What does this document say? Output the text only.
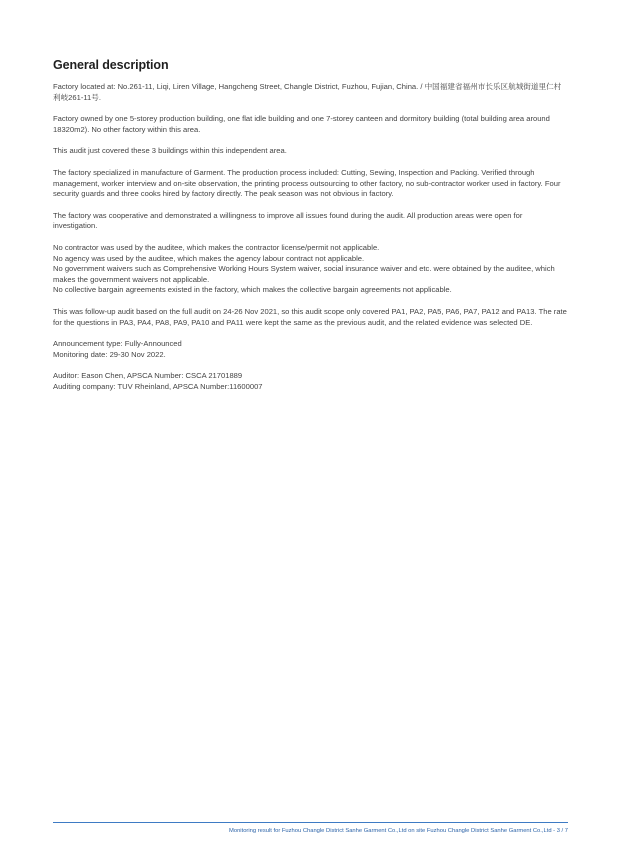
General description

Factory located at: No.261-11, Liqi, Liren Village, Hangcheng Street, Changle District, Fuzhou, Fujian, China. / 中国福建省福州市长乐区航城街道里仁村利岐261-11号.

Factory owned by one 5-storey production building, one flat idle building and one 7-storey canteen and dormitory building (total building area around 18320m2). No other factory within this area.

This audit just covered these 3 buildings within this independent area.

The factory specialized in manufacture of Garment. The production process included: Cutting, Sewing, Inspection and Packing. Verified through management, worker interview and on-site observation, the printing process outsourcing to other factory, no sub-contractor worker used in factory. Four security guards and three cooks hired by factory directly. The peak season was not obvious in factory.

The factory was cooperative and demonstrated a willingness to improve all issues found during the audit. All production areas were open for investigation.

No contractor was used by the auditee, which makes the contractor license/permit not applicable.
No agency was used by the auditee, which makes the agency labour contract not applicable.
No government waivers such as Comprehensive Working Hours System waiver, social insurance waiver and etc. were obtained by the auditee, which makes the government waivers not applicable.
No collective bargain agreements existed in the factory, which makes the collective bargain agreements not applicable.

This was follow-up audit based on the full audit on 24-26 Nov 2021, so this audit scope only covered PA1, PA2, PA5, PA6, PA7, PA12 and PA13. The rate for the questions in PA3, PA4, PA8, PA9, PA10 and PA11 were kept the same as the previous audit, and the related evidence was selected DE.

Announcement type: Fully-Announced
Monitoring date: 29-30 Nov 2022.

Auditor: Eason Chen, APSCA Number: CSCA 21701889
Auditing company: TUV Rheinland, APSCA Number:11600007

Monitoring result for Fuzhou Changle District Sanhe Garment Co.,Ltd on site Fuzhou Changle District Sanhe Garment Co.,Ltd - 3 / 7
